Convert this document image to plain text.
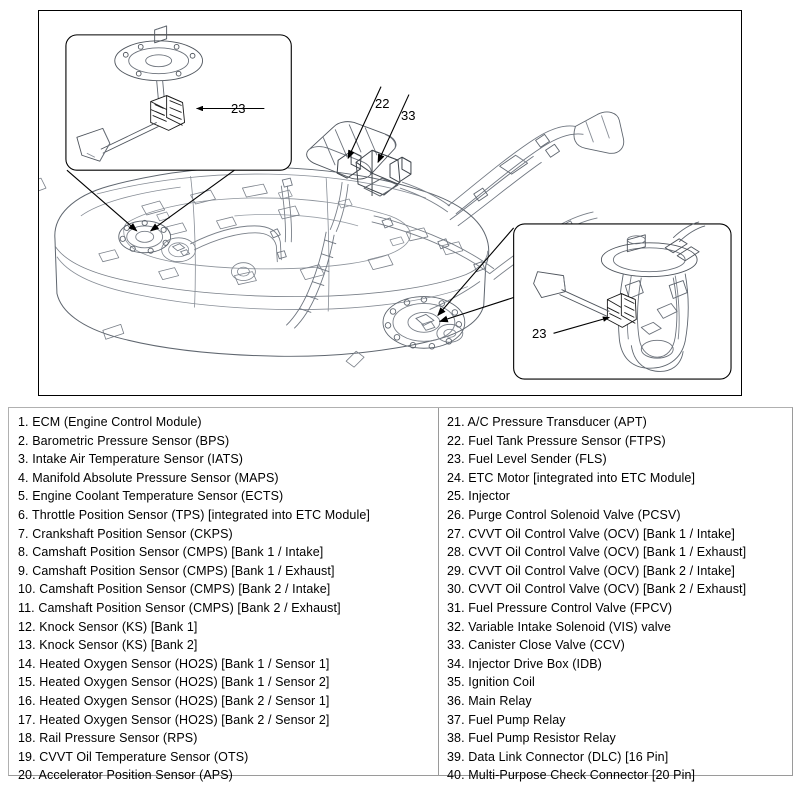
22
33
23
23
1. ECM (Engine Control Module)
2. Barometric Pressure Sensor (BPS)
3. Intake Air Temperature Sensor (IATS)
4. Manifold Absolute Pressure Sensor (MAPS)
5. Engine Coolant Temperature Sensor (ECTS)
6. Throttle Position Sensor (TPS) [integrated into ETC Module]
7. Crankshaft Position Sensor (CKPS)
8. Camshaft Position Sensor (CMPS) [Bank 1 / Intake]
9. Camshaft Position Sensor (CMPS) [Bank 1 / Exhaust]
10. Camshaft Position Sensor (CMPS) [Bank 2 / Intake]
11. Camshaft Position Sensor (CMPS) [Bank 2 / Exhaust]
12. Knock Sensor (KS) [Bank 1]
13. Knock Sensor (KS) [Bank 2]
14. Heated Oxygen Sensor (HO2S) [Bank 1 / Sensor 1]
15. Heated Oxygen Sensor (HO2S) [Bank 1 / Sensor 2]
16. Heated Oxygen Sensor (HO2S) [Bank 2 / Sensor 1]
17. Heated Oxygen Sensor (HO2S) [Bank 2 / Sensor 2]
18. Rail Pressure Sensor (RPS)
19. CVVT Oil Temperature Sensor (OTS)
20. Accelerator Position Sensor (APS)
21. A/C Pressure Transducer (APT)
22. Fuel Tank Pressure Sensor (FTPS)
23. Fuel Level Sender (FLS)
24. ETC Motor [integrated into ETC Module]
25. Injector
26. Purge Control Solenoid Valve (PCSV)
27. CVVT Oil Control Valve (OCV) [Bank 1 / Intake]
28. CVVT Oil Control Valve (OCV) [Bank 1 / Exhaust]
29. CVVT Oil Control Valve (OCV) [Bank 2 / Intake]
30. CVVT Oil Control Valve (OCV) [Bank 2 / Exhaust]
31. Fuel Pressure Control Valve (FPCV)
32. Variable Intake Solenoid (VIS) valve
33. Canister Close Valve (CCV)
34. Injector Drive Box (IDB)
35. Ignition Coil
36. Main Relay
37. Fuel Pump Relay
38. Fuel Pump Resistor Relay
39. Data Link Connector (DLC) [16 Pin]
40. Multi-Purpose Check Connector [20 Pin]
